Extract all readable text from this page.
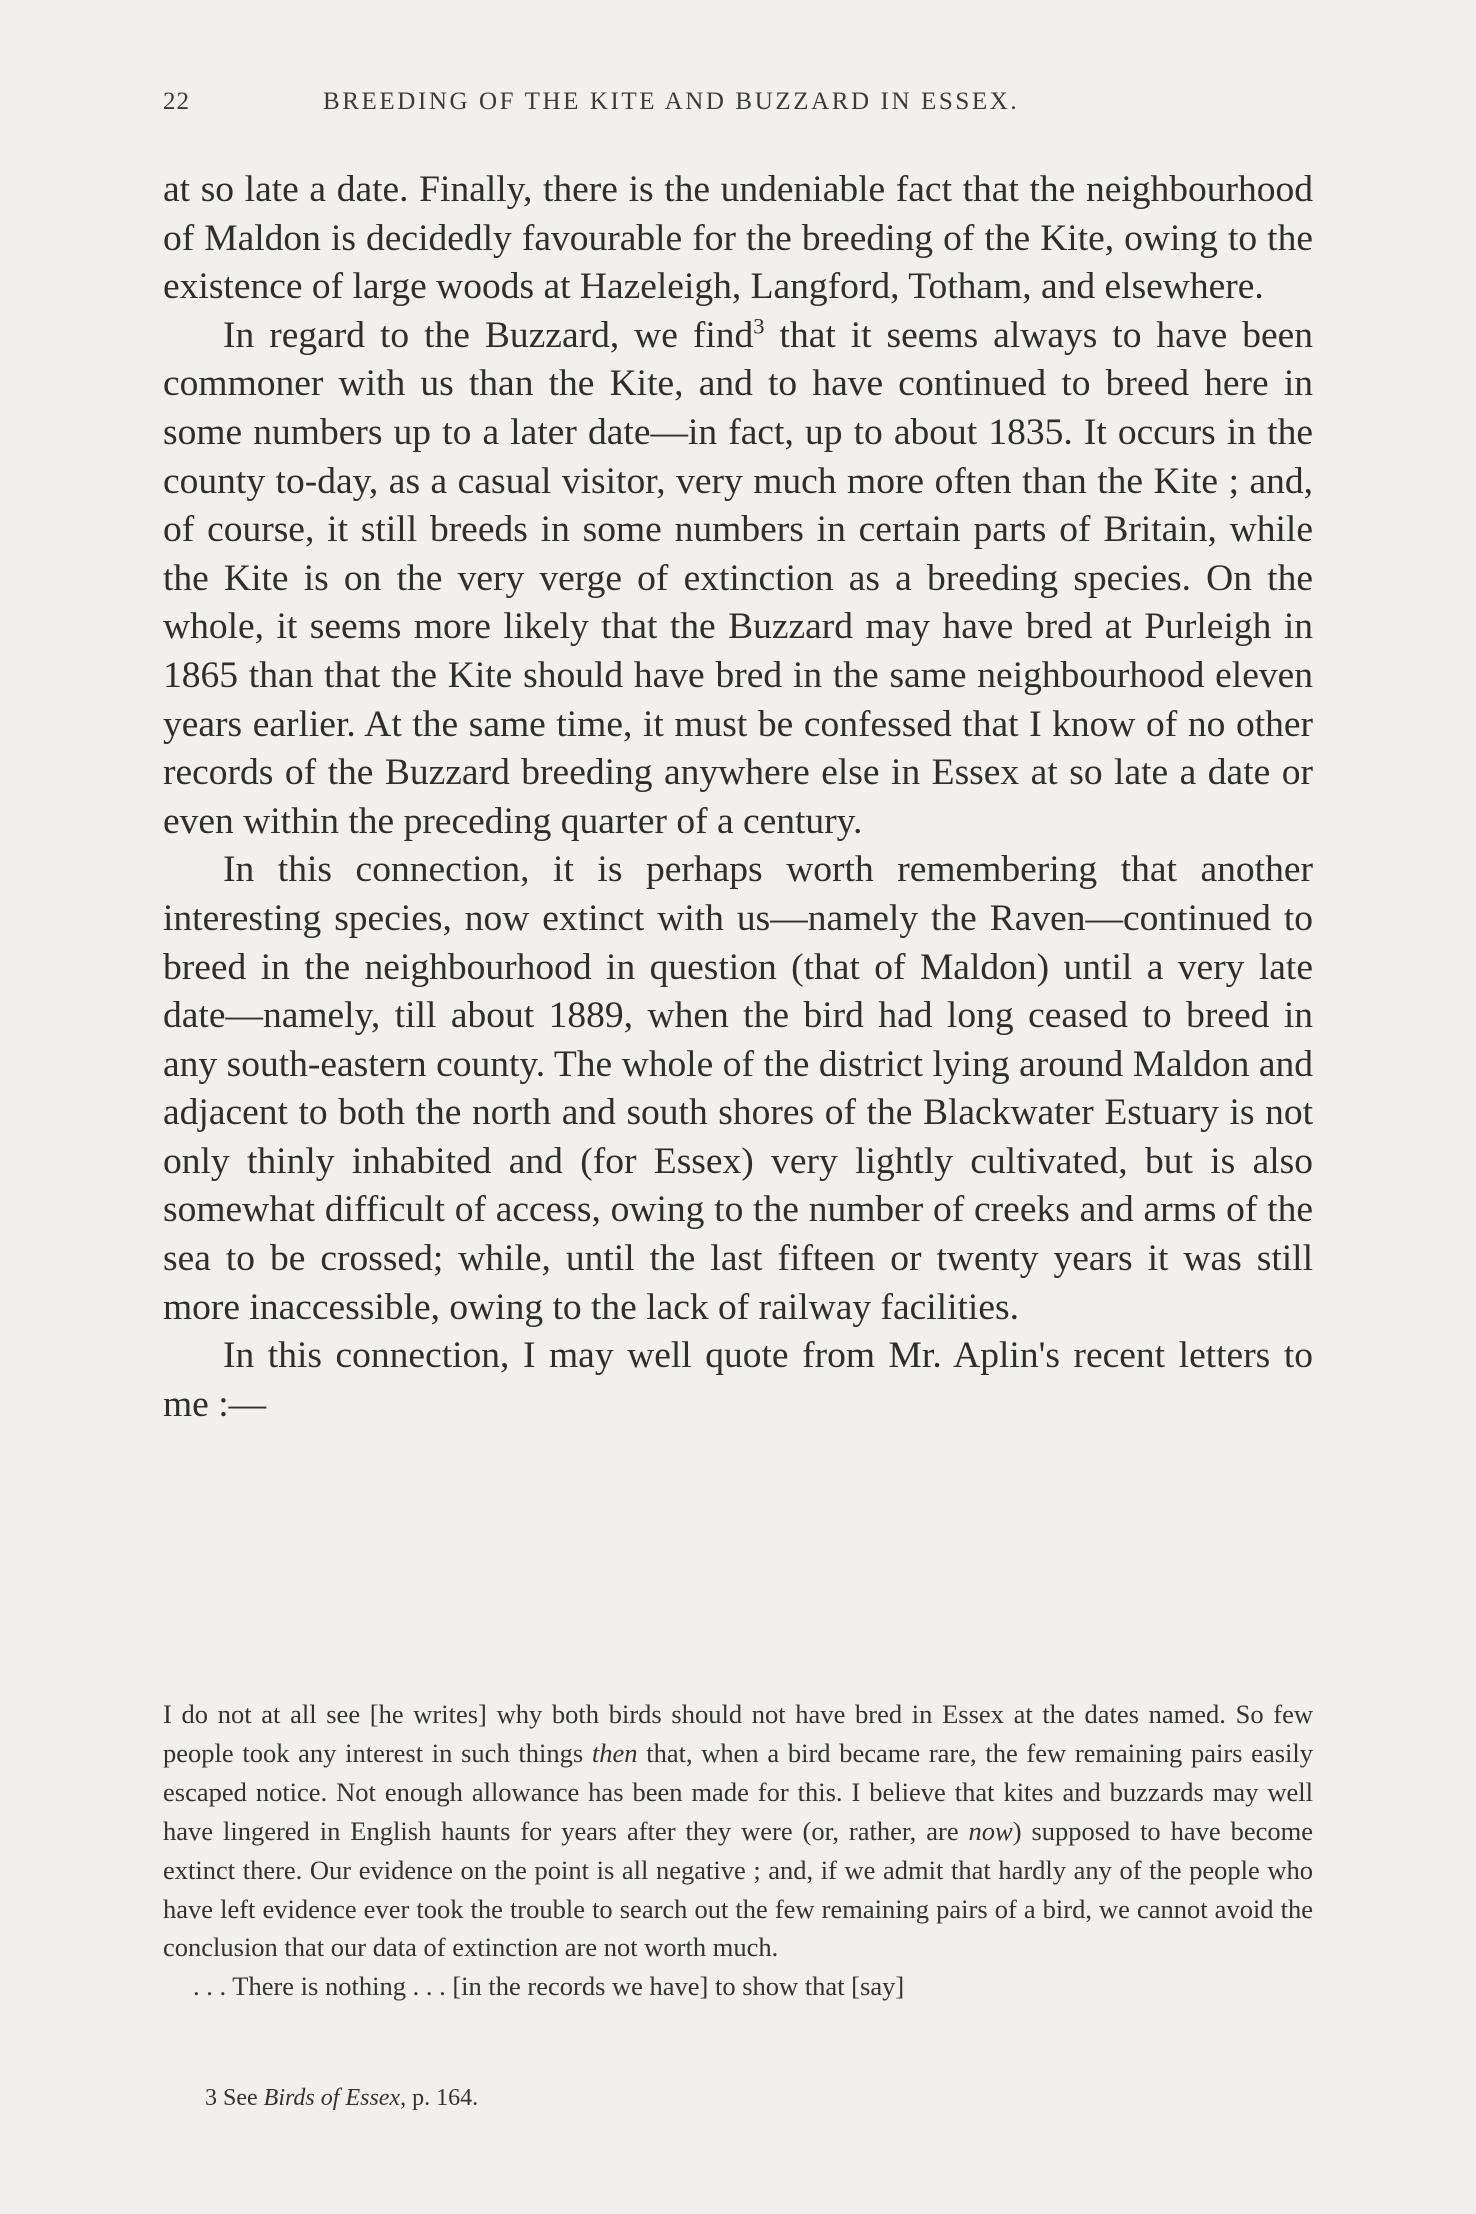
22	BREEDING OF THE KITE AND BUZZARD IN ESSEX.

at so late a date. Finally, there is the undeniable fact that the neighbourhood of Maldon is decidedly favourable for the breeding of the Kite, owing to the existence of large woods at Hazeleigh, Langford, Totham, and elsewhere.

In regard to the Buzzard, we find$^3$ that it seems always to have been commoner with us than the Kite, and to have continued to breed here in some numbers up to a later date—in fact, up to about 1835. It occurs in the county to-day, as a casual visitor, very much more often than the Kite ; and, of course, it still breeds in some numbers in certain parts of Britain, while the Kite is on the very verge of extinction as a breeding species. On the whole, it seems more likely that the Buzzard may have bred at Purleigh in 1865 than that the Kite should have bred in the same neighbourhood eleven years earlier. At the same time, it must be confessed that I know of no other records of the Buzzard breeding anywhere else in Essex at so late a date or even within the preceding quarter of a century.

In this connection, it is perhaps worth remembering that another interesting species, now extinct with us—namely the Raven—continued to breed in the neighbourhood in question (that of Maldon) until a very late date—namely, till about 1889, when the bird had long ceased to breed in any south-eastern county. The whole of the district lying around Maldon and adjacent to both the north and south shores of the Blackwater Estuary is not only thinly inhabited and (for Essex) very lightly cultivated, but is also somewhat difficult of access, owing to the number of creeks and arms of the sea to be crossed; while, until the last fifteen or twenty years it was still more inaccessible, owing to the lack of railway facilities.

In this connection, I may well quote from Mr. Aplin's recent letters to me :—

I do not at all see [he writes] why both birds should not have bred in Essex at the dates named. So few people took any interest in such things then that, when a bird became rare, the few remaining pairs easily escaped notice. Not enough allowance has been made for this. I believe that kites and buzzards may well have lingered in English haunts for years after they were (or, rather, are now) supposed to have become extinct there. Our evidence on the point is all negative ; and, if we admit that hardly any of the people who have left evidence ever took the trouble to search out the few remaining pairs of a bird, we cannot avoid the conclusion that our data of extinction are not worth much.

. . . There is nothing . . . [in the records we have] to show that [say]

3 See Birds of Essex, p. 164.
